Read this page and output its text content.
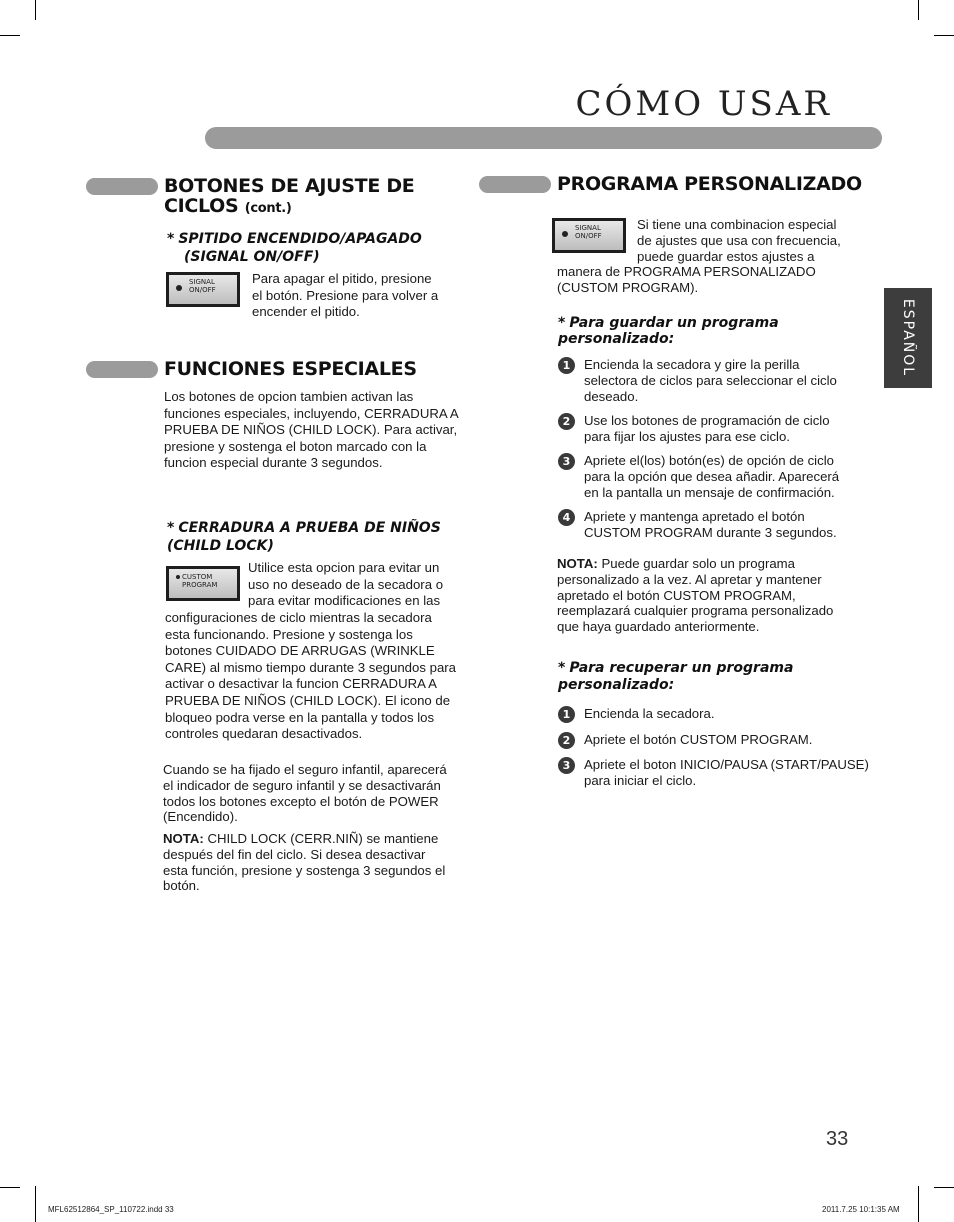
CÓMO USAR
ESPAÑOL
BOTONES DE AJUSTE DE
CICLOS (cont.)
* SPITIDO ENCENDIDO/APAGADO
(SIGNAL ON/OFF)
SIGNAL
ON/OFF
Para apagar el pitido, presione
el botón. Presione para volver a
encender el pitido.
FUNCIONES ESPECIALES
Los botones de opcion tambien activan las
funciones especiales, incluyendo, CERRADURA A
PRUEBA DE NIÑOS (CHILD LOCK). Para activar,
presione y sostenga el boton marcado con la
funcion especial durante 3 segundos.
* CERRADURA A PRUEBA DE NIÑOS
(CHILD LOCK)
CUSTOM
PROGRAM
Utilice esta opcion para evitar un
uso no deseado de la secadora o
para evitar modificaciones en las
configuraciones de ciclo mientras la secadora
esta funcionando. Presione y sostenga los
botones CUIDADO DE ARRUGAS (WRINKLE
CARE) al mismo tiempo durante 3 segundos para
activar o desactivar la funcion CERRADURA A
PRUEBA DE NIÑOS (CHILD LOCK). El icono de
bloqueo podra verse en la pantalla y todos los
controles quedaran desactivados.
Cuando se ha fijado el seguro infantil, aparecerá
el indicador de seguro infantil y se desactivarán
todos los botones excepto el botón de POWER
(Encendido).
NOTA: CHILD LOCK (CERR.NIÑ) se mantiene
después del fin del ciclo. Si desea desactivar
esta función, presione y sostenga 3 segundos el
botón.
PROGRAMA PERSONALIZADO
SIGNAL
ON/OFF
Si tiene una combinacion especial
de ajustes que usa con frecuencia,
puede guardar estos ajustes a
manera de PROGRAMA PERSONALIZADO
(CUSTOM PROGRAM).
* Para guardar un programa
personalizado:
1	Encienda la secadora y gire la perilla
selectora de ciclos para seleccionar el ciclo
deseado.
2	Use los botones de programación de ciclo
para fijar los ajustes para ese ciclo.
3	Apriete el(los) botón(es) de opción de ciclo
para la opción que desea añadir. Aparecerá
en la pantalla un mensaje de confirmación.
4	Apriete y mantenga apretado el botón
CUSTOM PROGRAM durante 3 segundos.
NOTA: Puede guardar solo un programa
personalizado a la vez. Al apretar y mantener
apretado el botón CUSTOM PROGRAM,
reemplazará cualquier programa personalizado
que haya guardado anteriormente.
* Para recuperar un programa
personalizado:
1	Encienda la secadora.
2	Apriete el botón CUSTOM PROGRAM.
3	Apriete el boton INICIO/PAUSA (START/PAUSE)
para iniciar el ciclo.
33
MFL62512864_SP_110722.indd 33	2011.7.25 10:1:35 AM
